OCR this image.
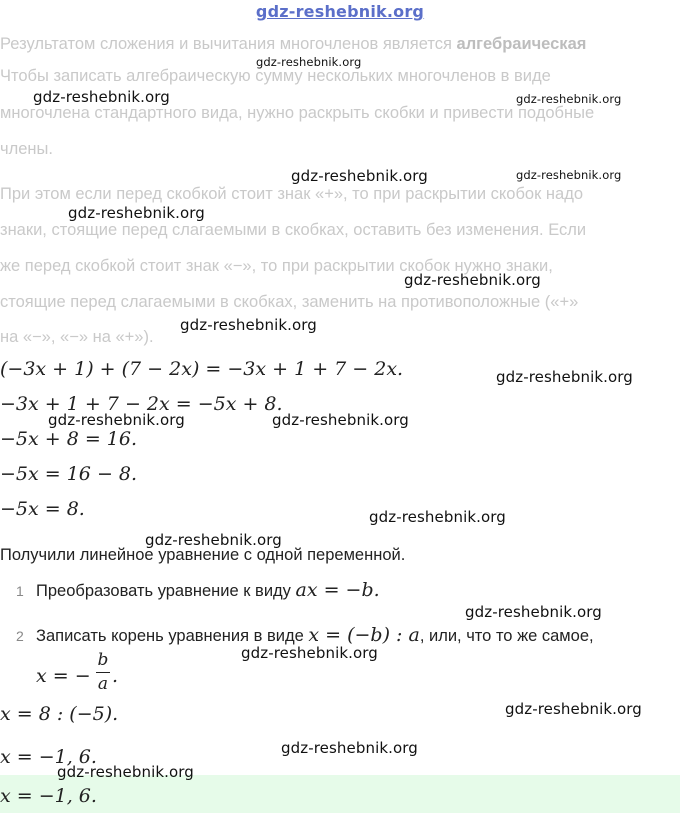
gdz-reshebnik.org
Результатом сложения и вычитания многочленов является алгебраическая
Чтобы записать алгебраическую сумму нескольких многочленов в виде
многочлена стандартного вида, нужно раскрыть скобки и привести подобные
члены.
При этом если перед скобкой стоит знак «+», то при раскрытии скобок надо
знаки, стоящие перед слагаемыми в скобках, оставить без изменения. Если
же перед скобкой стоит знак «−», то при раскрытии скобок нужно знаки,
стоящие перед слагаемыми в скобках, заменить на противоположные («+»
на «−», «−» на «+»).
(−3x + 1) + (7 − 2x) = −3x + 1 + 7 − 2x.
−3x + 1 + 7 − 2x = −5x + 8.
−5x + 8 = 16.
−5x = 16 − 8.
−5x = 8.
Получили линейное уравнение с одной переменной.
1 Преобразовать уравнение к виду ax = −b.
2 Записать корень уравнения в виде x = (−b) : a, или, что то же самое,
x = −
b
a .
x = 8 : (−5).
x = −1, 6.
x = −1, 6.
gdz-reshebnik.org
gdz-reshebnik.org	gdz-reshebnik.org
gdz-reshebnik.org	gdz-reshebnik.org
gdz-reshebnik.org
gdz-reshebnik.org
gdz-reshebnik.org
gdz-reshebnik.org
gdz-reshebnik.org	gdz-reshebnik.org
gdz-reshebnik.org
gdz-reshebnik.org
gdz-reshebnik.org
gdz-reshebnik.org
gdz-reshebnik.org
gdz-reshebnik.org
gdz-reshebnik.org
